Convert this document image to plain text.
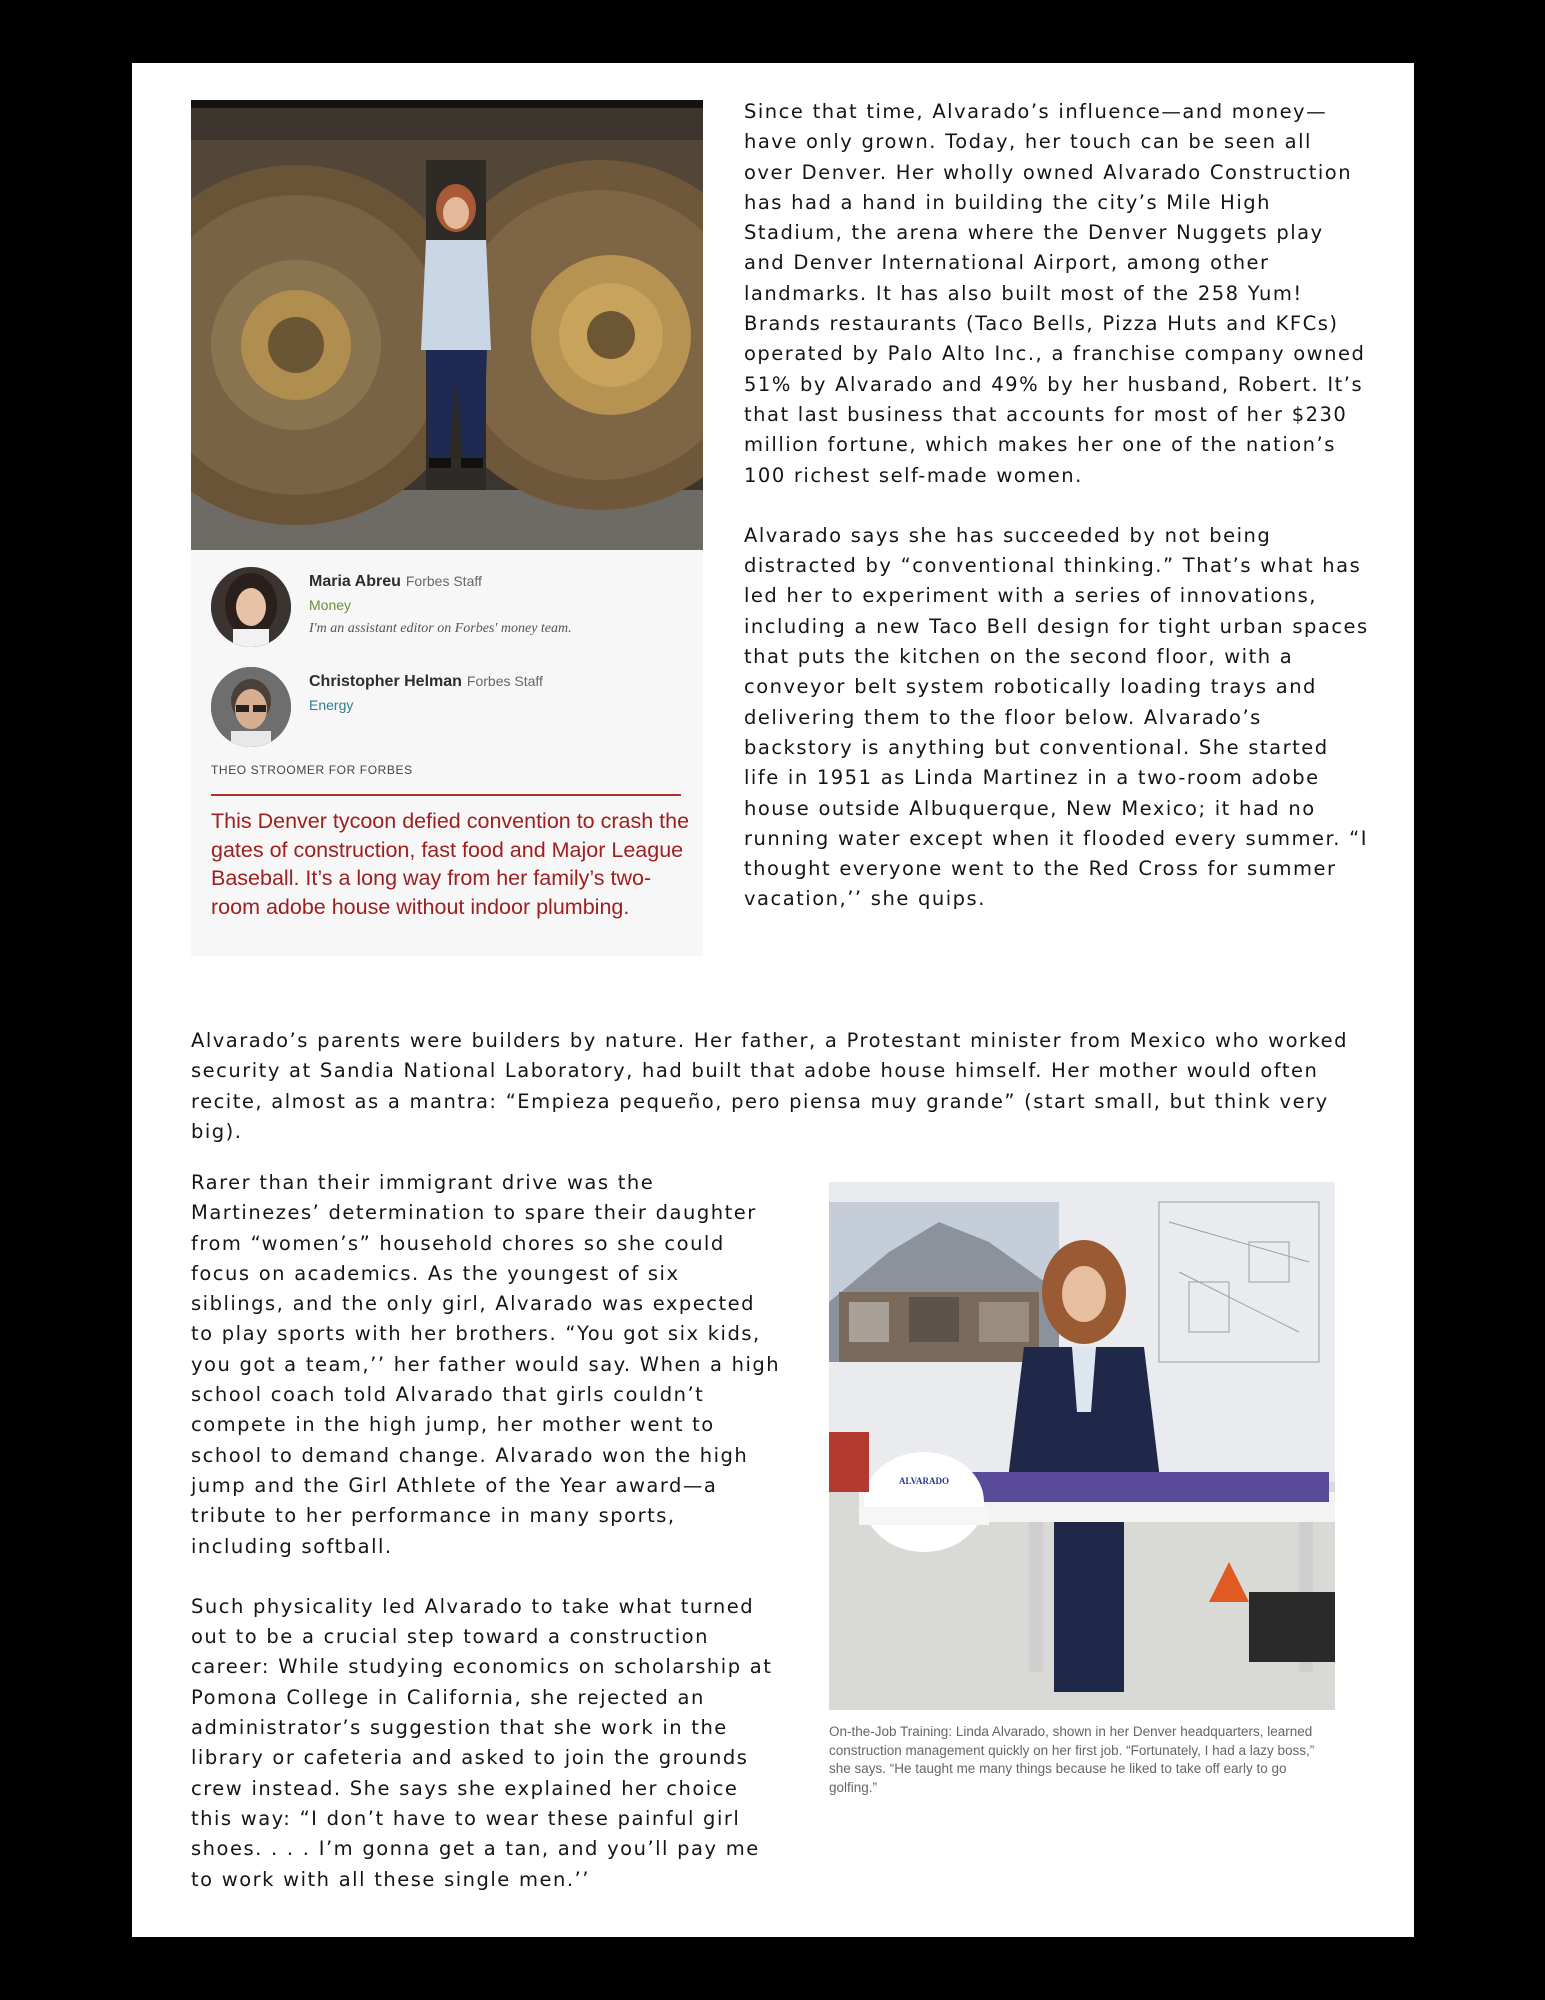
Maria Abreu Forbes Staff
Money
I'm an assistant editor on Forbes' money team.
Christopher Helman Forbes Staff
Energy
THEO STROOMER FOR FORBES

This Denver tycoon defied convention to crash the gates of construction, fast food and Major League Baseball. It’s a long way from her family’s two-room adobe house without indoor plumbing.

Since that time, Alvarado’s influence—and money—have only grown. Today, her touch can be seen all over Denver. Her wholly owned Alvarado Construction has had a hand in building the city’s Mile High Stadium, the arena where the Denver Nuggets play and Denver International Airport, among other landmarks. It has also built most of the 258 Yum! Brands restaurants (Taco Bells, Pizza Huts and KFCs) operated by Palo Alto Inc., a franchise company owned 51% by Alvarado and 49% by her husband, Robert. It’s that last business that accounts for most of her $230 million fortune, which makes her one of the nation’s 100 richest self-made women.

Alvarado says she has succeeded by not being distracted by “conventional thinking.” That’s what has led her to experiment with a series of innovations, including a new Taco Bell design for tight urban spaces that puts the kitchen on the second floor, with a conveyor belt system robotically loading trays and delivering them to the floor below. Alvarado’s backstory is anything but conventional. She started life in 1951 as Linda Martinez in a two-room adobe house outside Albuquerque, New Mexico; it had no running water except when it flooded every summer. “I thought everyone went to the Red Cross for summer vacation,’’ she quips.

Alvarado’s parents were builders by nature. Her father, a Protestant minister from Mexico who worked security at Sandia National Laboratory, had built that adobe house himself. Her mother would often recite, almost as a mantra: “Empieza pequeño, pero piensa muy grande” (start small, but think very big).

Rarer than their immigrant drive was the Martinezes’ determination to spare their daughter from “women’s” household chores so she could focus on academics. As the youngest of six siblings, and the only girl, Alvarado was expected to play sports with her brothers. “You got six kids, you got a team,’’ her father would say. When a high school coach told Alvarado that girls couldn’t compete in the high jump, her mother went to school to demand change. Alvarado won the high jump and the Girl Athlete of the Year award—a tribute to her performance in many sports, including softball.

Such physicality led Alvarado to take what turned out to be a crucial step toward a construction career: While studying economics on scholarship at Pomona College in California, she rejected an administrator’s suggestion that she work in the library or cafeteria and asked to join the grounds crew instead. She says she explained her choice this way: “I don’t have to wear these painful girl shoes. . . . I’m gonna get a tan, and you’ll pay me to work with all these single men.’’

ALVARADO

On-the-Job Training: Linda Alvarado, shown in her Denver headquarters, learned construction management quickly on her first job. “Fortunately, I had a lazy boss,” she says. “He taught me many things because he liked to take off early to go golfing.”
